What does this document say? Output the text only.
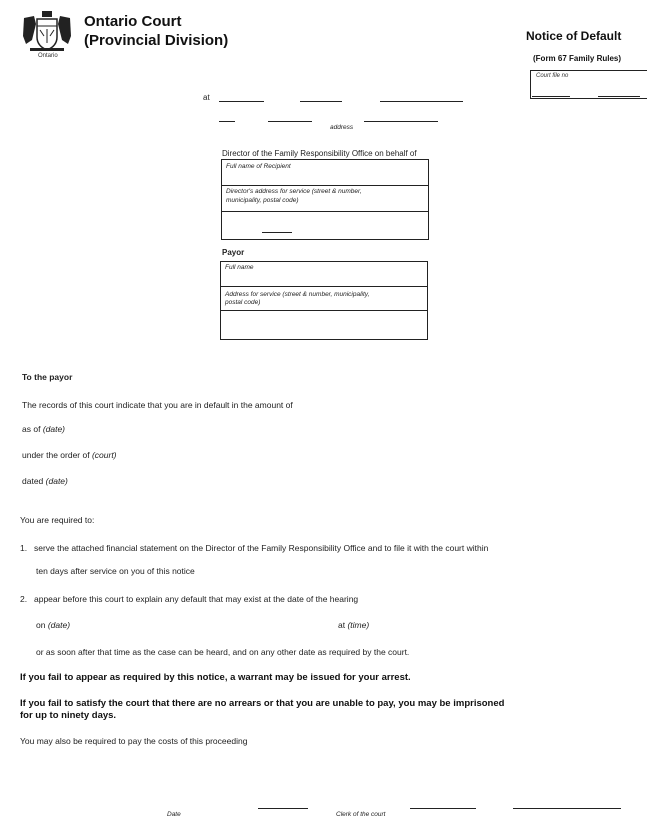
Ontario
Ontario Court
(Provincial Division)	Notice of Default
(Form 67 Family Rules)
Court file no
at
address
Director of the Family Responsibility Office on behalf of
Full name of Recipient
Director's address for service (street & number,
municipality, postal code)
Payor
Full name
Address for service (street & number, municipality,
postal code)
To the payor
The records of this court indicate that you are in default in the amount of
as of (date)
under the order of (court)
dated (date)
You are required to:
1. serve the attached financial statement on the Director of the Family Responsibility Office and to file it with the court within
ten days after service on you of this notice
2. appear before this court to explain any default that may exist at the date of the hearing
on (date)	at (time)
or as soon after that time as the case can be heard, and on any other date as required by the court.
If you fail to appear as required by this notice, a warrant may be issued for your arrest.
If you fail to satisfy the court that there are no arrears or that you are unable to pay, you may be imprisoned
for up to ninety days.
You may also be required to pay the costs of this proceeding
Date	Clerk of the court
